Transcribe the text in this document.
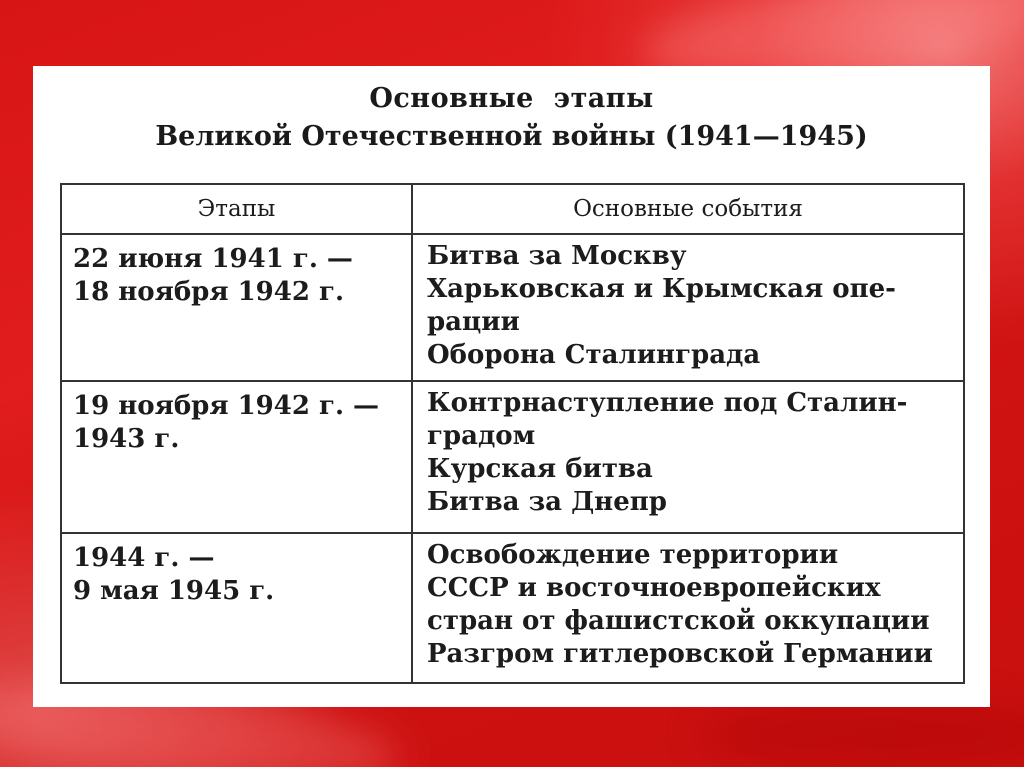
Основные  этапы
Великой Отечественной войны (1941—1945)
Этапы	Основные события

22 июня 1941 г. —
18 ноября 1942 г.	Битва за Москву
Харьковская и Крымская опе-
рации
Оборона Сталинграда

19 ноября 1942 г. —
1943 г.	Контрнаступление под Сталин-
градом
Курская битва
Битва за Днепр

1944 г. —
9 мая 1945 г.	Освобождение территории
СССР и восточноевропейских
стран от фашистской оккупации
Разгром гитлеровской Германии
